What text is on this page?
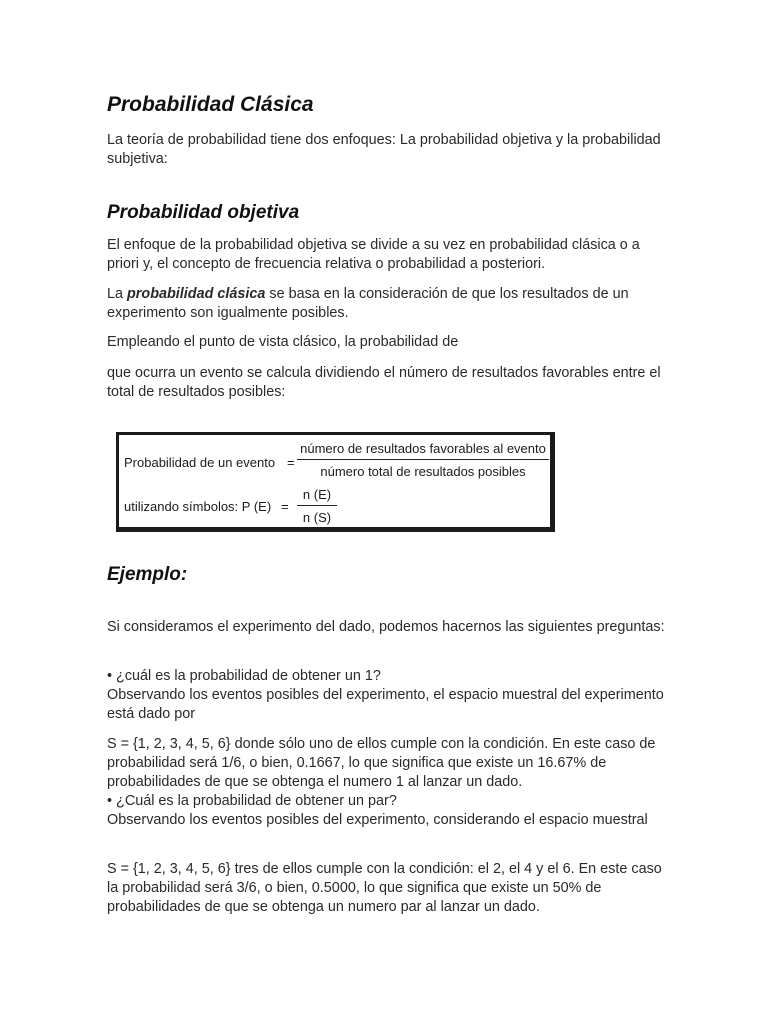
Probabilidad Clásica

La teoría de probabilidad tiene dos enfoques: La probabilidad objetiva y la probabilidad subjetiva:

Probabilidad objetiva

El enfoque de la probabilidad objetiva se divide a su vez en probabilidad clásica o a priori y, el concepto de frecuencia relativa o probabilidad a posteriori.

La probabilidad clásica se basa en la consideración de que los resultados de un experimento son igualmente posibles.

Empleando el punto de vista clásico, la probabilidad de

que ocurra un evento se calcula dividiendo el número de resultados favorables entre el total de resultados posibles:

Probabilidad de un evento =
número de resultados favorables al evento
número total de resultados posibles
utilizando símbolos: P $(E) = \frac{n (E)}{n (S)}$
Ejemplo:

Si consideramos el experimento del dado, podemos hacernos las siguientes preguntas:

• ¿cuál es la probabilidad de obtener un 1?

Observando los eventos posibles del experimento, el espacio muestral del experimento está dado por

S = {1, 2, 3, 4, 5, 6} donde sólo uno de ellos cumple con la condición. En este caso de probabilidad será 1/6, o bien, 0.1667, lo que significa que existe un 16.67% de probabilidades de que se obtenga el numero 1 al lanzar un dado.

• ¿Cuál es la probabilidad de obtener un par?

Observando los eventos posibles del experimento, considerando el espacio muestral

S = {1, 2, 3, 4, 5, 6} tres de ellos cumple con la condición: el 2, el 4 y el 6. En este caso la probabilidad será 3/6, o bien, 0.5000, lo que significa que existe un 50% de probabilidades de que se obtenga un numero par al lanzar un dado.
